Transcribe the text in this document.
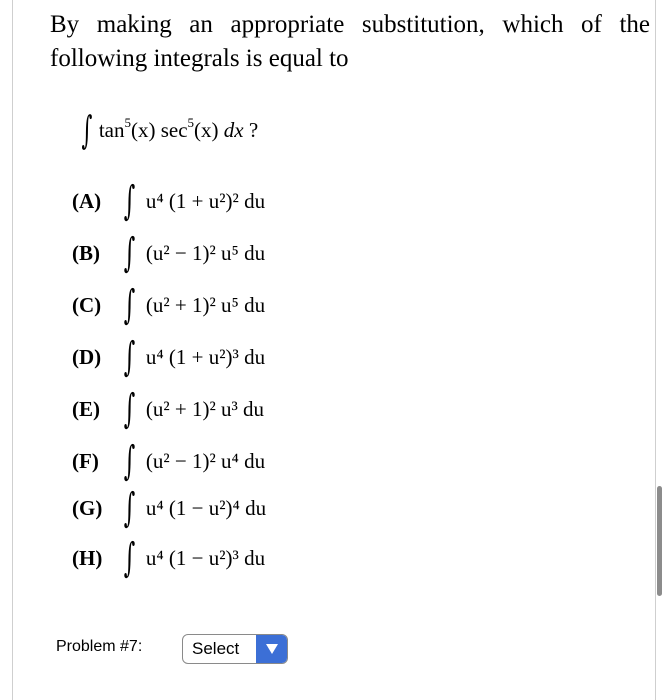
By making an appropriate substitution, which of the
following integrals is equal to
∫ $\tan^5(x)$ $\sec^5(x)$ dx ?
(A) ∫ u⁴ (1 + u²)² du
(B) ∫ (u² − 1)² u⁵ du
(C) ∫ (u² + 1)² u⁵ du
(D) ∫ u⁴ (1 + u²)³ du
(E) ∫ (u² + 1)² u³ du
(F) ∫ (u² − 1)² u⁴ du
(G) ∫ u⁴ (1 − u²)⁴ du
(H) ∫ u⁴ (1 − u²)³ du
Problem #7:	Select
